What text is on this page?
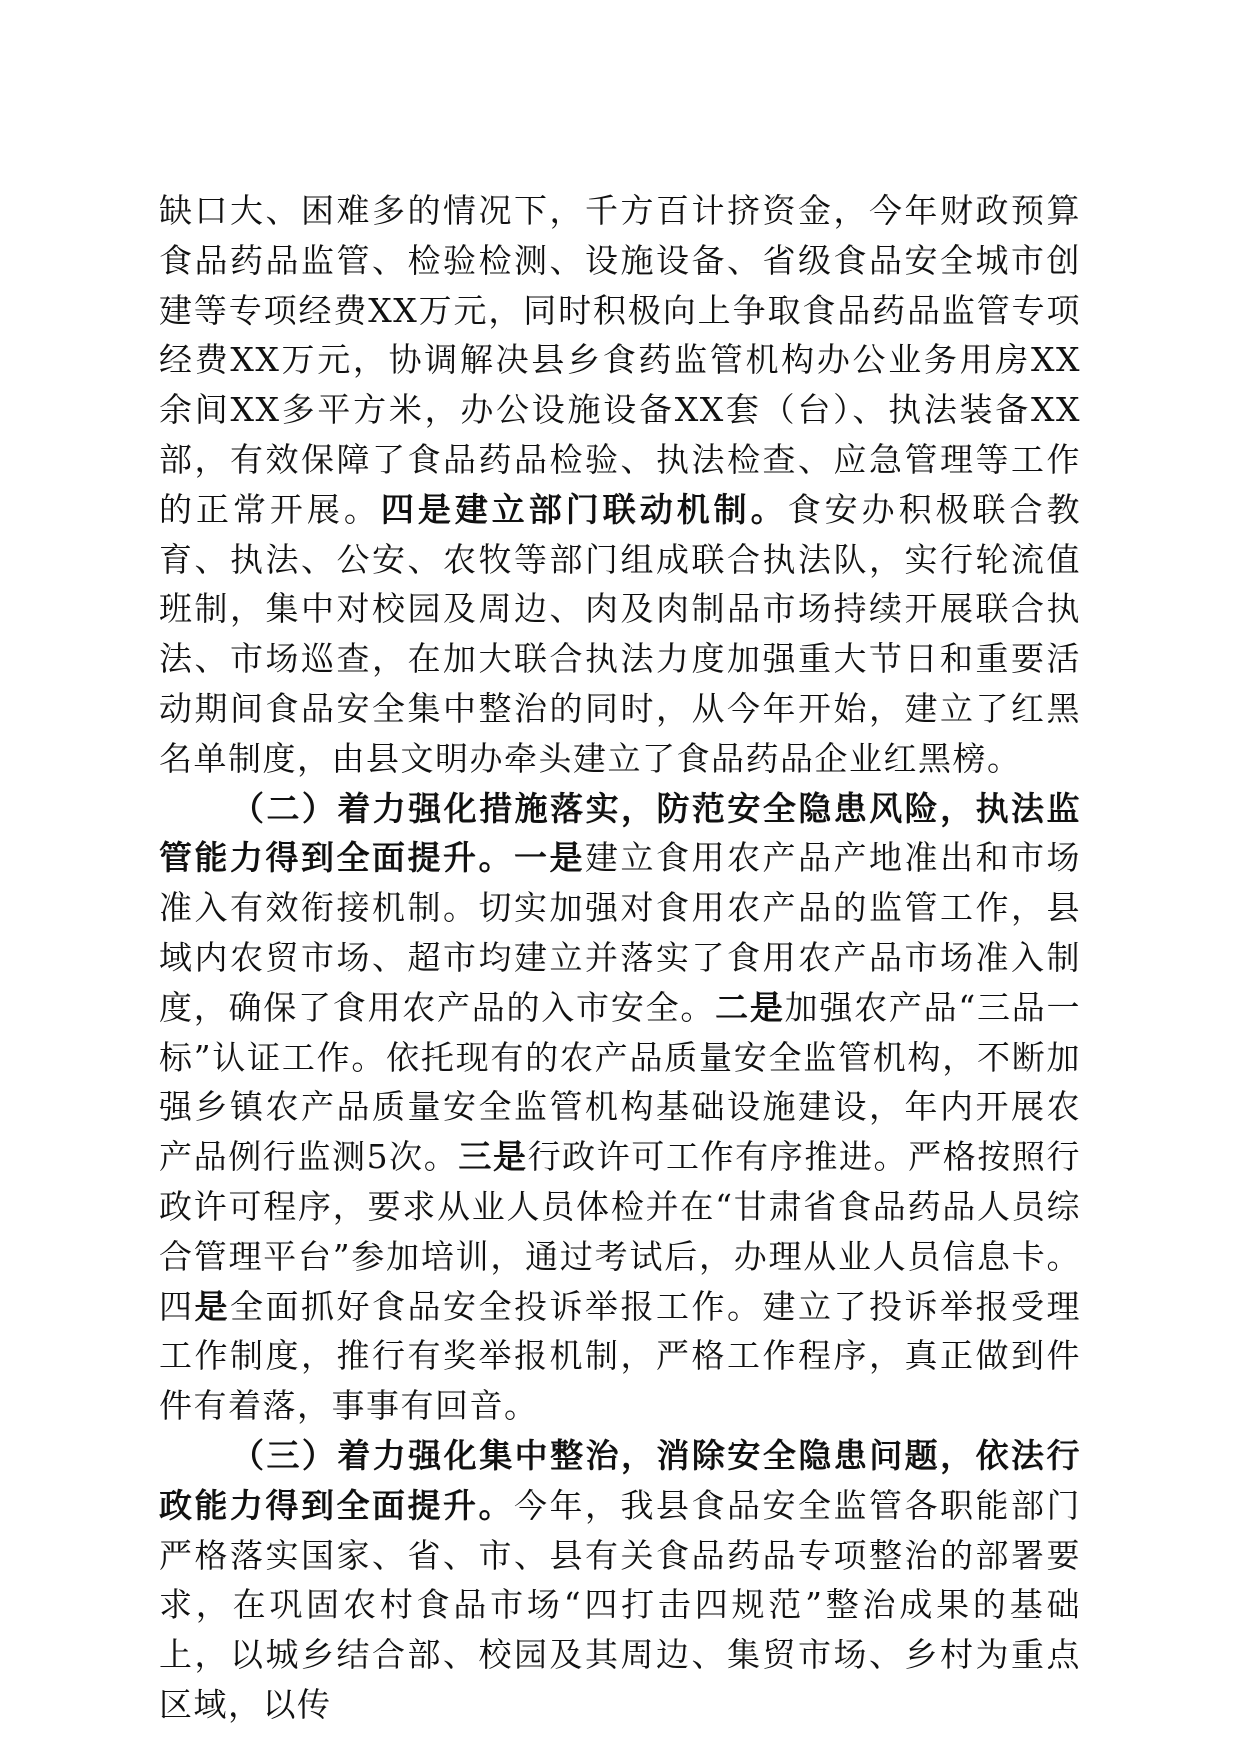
缺口大、困难多的情况下，千方百计挤资金，今年财政预算食品药品监管、检验检测、设施设备、省级食品安全城市创建等专项经费XX万元，同时积极向上争取食品药品监管专项经费XX万元，协调解决县乡食药监管机构办公业务用房XX余间XX多平方米，办公设施设备XX套（台）、执法装备XX部，有效保障了食品药品检验、执法检查、应急管理等工作的正常开展。四是建立部门联动机制。食安办积极联合教育、执法、公安、农牧等部门组成联合执法队，实行轮流值班制，集中对校园及周边、肉及肉制品市场持续开展联合执法、市场巡查，在加大联合执法力度加强重大节日和重要活动期间食品安全集中整治的同时，从今年开始，建立了红黑名单制度，由县文明办牵头建立了食品药品企业红黑榜。

（二）着力强化措施落实，防范安全隐患风险，执法监管能力得到全面提升。一是建立食用农产品产地准出和市场准入有效衔接机制。切实加强对食用农产品的监管工作，县域内农贸市场、超市均建立并落实了食用农产品市场准入制度，确保了食用农产品的入市安全。二是加强农产品“三品一标”认证工作。依托现有的农产品质量安全监管机构，不断加强乡镇农产品质量安全监管机构基础设施建设，年内开展农产品例行监测5次。三是行政许可工作有序推进。严格按照行政许可程序，要求从业人员体检并在“甘肃省食品药品人员综合管理平台”参加培训，通过考试后，办理从业人员信息卡。四是全面抓好食品安全投诉举报工作。建立了投诉举报受理工作制度，推行有奖举报机制，严格工作程序，真正做到件件有着落，事事有回音。

（三）着力强化集中整治，消除安全隐患问题，依法行政能力得到全面提升。今年，我县食品安全监管各职能部门严格落实国家、省、市、县有关食品药品专项整治的部署要求，在巩固农村食品市场“四打击四规范”整治成果的基础上，以城乡结合部、校园及其周边、集贸市场、乡村为重点区域，以传
